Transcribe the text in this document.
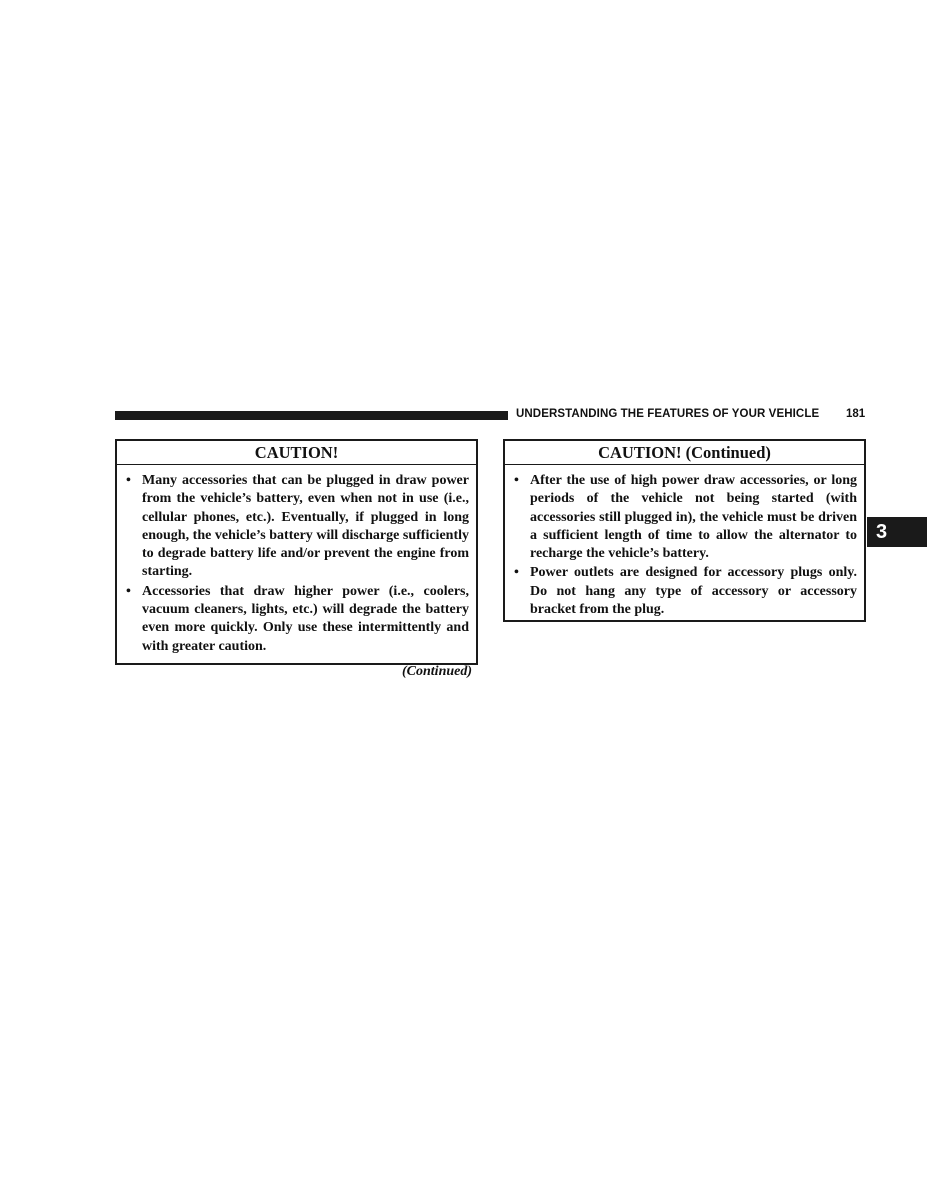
UNDERSTANDING THE FEATURES OF YOUR VEHICLE 181
3
CAUTION!
• Many accessories that can be plugged in draw power from the vehicle’s battery, even when not in use (i.e., cellular phones, etc.). Eventually, if plugged in long enough, the vehicle’s battery will discharge sufficiently to degrade battery life and/or prevent the engine from starting.
• Accessories that draw higher power (i.e., coolers, vacuum cleaners, lights, etc.) will degrade the battery even more quickly. Only use these intermittently and with greater caution.
(Continued)
CAUTION! (Continued)
• After the use of high power draw accessories, or long periods of the vehicle not being started (with accessories still plugged in), the vehicle must be driven a sufficient length of time to allow the alternator to recharge the vehicle’s battery.
• Power outlets are designed for accessory plugs only. Do not hang any type of accessory or accessory bracket from the plug.
